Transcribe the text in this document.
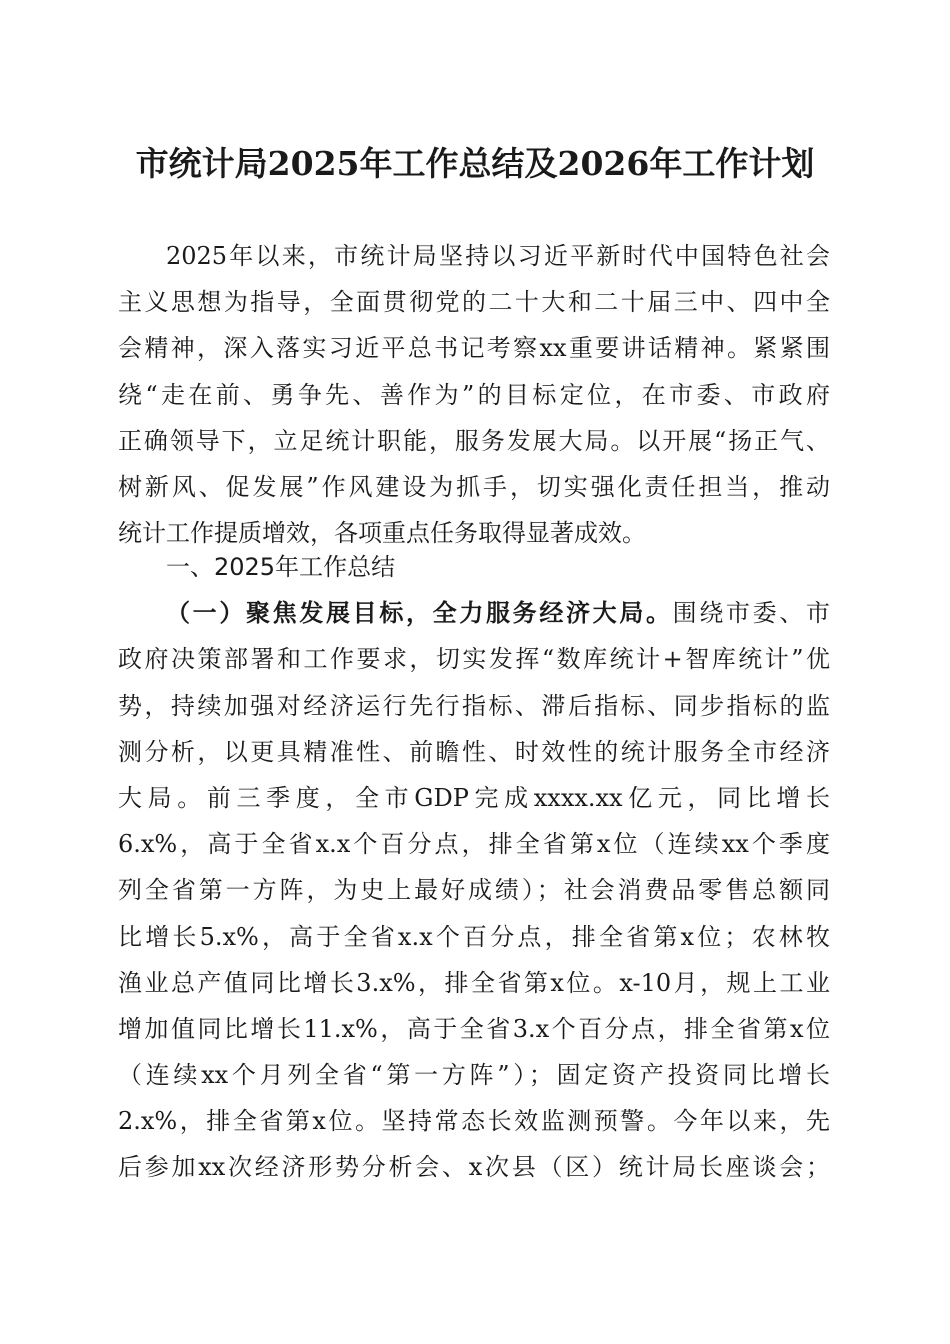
市统计局2025年工作总结及2026年工作计划
2025年以来，市统计局坚持以习近平新时代中国特色社会
主义思想为指导，全面贯彻党的二十大和二十届三中、四中全
会精神，深入落实习近平总书记考察xx重要讲话精神。紧紧围
绕“走在前、勇争先、善作为”的目标定位，在市委、市政府
正确领导下，立足统计职能，服务发展大局。以开展“扬正气、
树新风、促发展”作风建设为抓手，切实强化责任担当，推动
统计工作提质增效，各项重点任务取得显著成效。
一、2025年工作总结
（一）聚焦发展目标，全力服务经济大局。围绕市委、市
政府决策部署和工作要求，切实发挥“数库统计+智库统计”优
势，持续加强对经济运行先行指标、滞后指标、同步指标的监
测分析，以更具精准性、前瞻性、时效性的统计服务全市经济
大局。前三季度，全市GDP完成xxxx.xx亿元，同比增长
6.x%，高于全省x.x个百分点，排全省第x位（连续xx个季度
列全省第一方阵，为史上最好成绩）；社会消费品零售总额同
比增长5.x%，高于全省x.x个百分点，排全省第x位；农林牧
渔业总产值同比增长3.x%，排全省第x位。x-10月，规上工业
增加值同比增长11.x%，高于全省3.x个百分点，排全省第x位
（连续xx个月列全省“第一方阵”）；固定资产投资同比增长
2.x%，排全省第x位。坚持常态长效监测预警。今年以来，先
后参加xx次经济形势分析会、x次县（区）统计局长座谈会；
